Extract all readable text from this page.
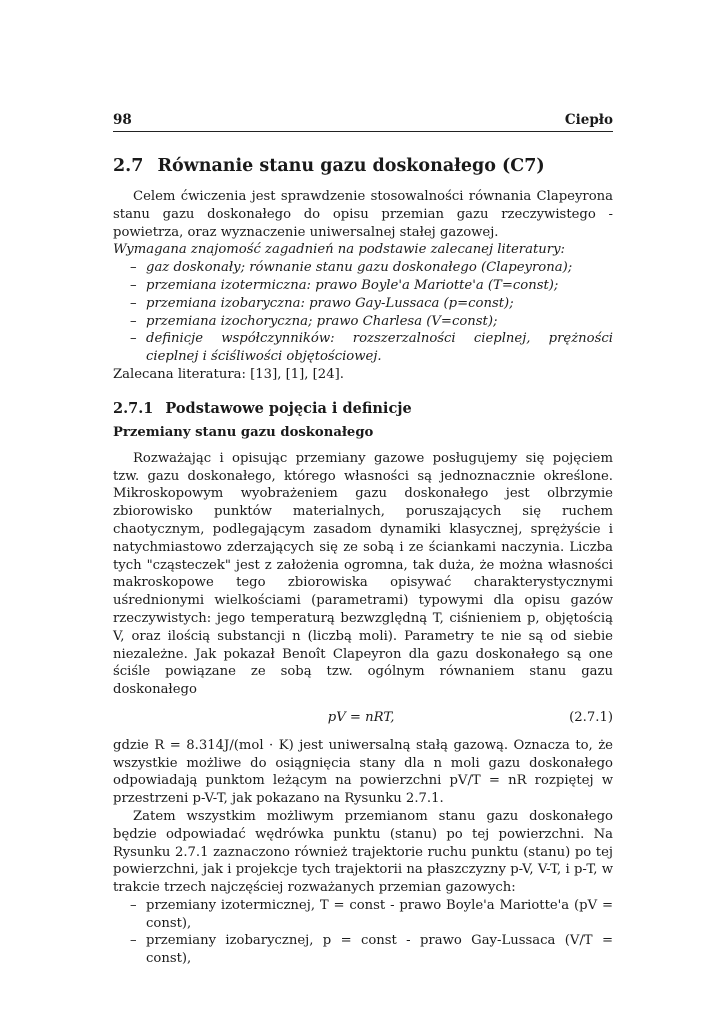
98	Ciepło
2.7 Równanie stanu gazu doskonałego (C7)

Celem ćwiczenia jest sprawdzenie stosowalności równania Clapeyrona stanu gazu doskonałego do opisu przemian gazu rzeczywistego - powietrza, oraz wyznaczenie uniwersalnej stałej gazowej.

Wymagana znajomość zagadnień na podstawie zalecanej literatury:

– gaz doskonały; równanie stanu gazu doskonałego (Clapeyrona);
– przemiana izotermiczna: prawo Boyle'a Mariotte'a (T=const);
– przemiana izobaryczna: prawo Gay-Lussaca (p=const);
– przemiana izochoryczna; prawo Charlesa (V=const);
– definicje współczynników: rozszerzalności cieplnej, prężności cieplnej i ściśliwości objętościowej.

Zalecana literatura: [13], [1], [24].

2.7.1 Podstawowe pojęcia i definicje
Przemiany stanu gazu doskonałego

Rozważając i opisując przemiany gazowe posługujemy się pojęciem tzw. gazu doskonałego, którego własności są jednoznacznie określone. Mikroskopowym wyobrażeniem gazu doskonałego jest olbrzymie zbiorowisko punktów materialnych, poruszających się ruchem chaotycznym, podlegającym zasadom dynamiki klasycznej, sprężyście i natychmiastowo zderzających się ze sobą i ze ściankami naczynia. Liczba tych "cząsteczek" jest z założenia ogromna, tak duża, że można własności makroskopowe tego zbiorowiska opisywać charakterystycznymi uśrednionymi wielkościami (parametrami) typowymi dla opisu gazów rzeczywistych: jego temperaturą bezwzględną T, ciśnieniem p, objętością V, oraz ilością substancji n (liczbą moli). Parametry te nie są od siebie niezależne. Jak pokazał Benoît Clapeyron dla gazu doskonałego są one ściśle powiązane ze sobą tzw. ogólnym równaniem stanu gazu doskonałego

pV = nRT,	(2.7.1)

gdzie R = 8.314J/(mol · K) jest uniwersalną stałą gazową. Oznacza to, że wszystkie możliwe do osiągnięcia stany dla n moli gazu doskonałego odpowiadają punktom leżącym na powierzchni pV/T = nR rozpiętej w przestrzeni p-V-T, jak pokazano na Rysunku 2.7.1.

Zatem wszystkim możliwym przemianom stanu gazu doskonałego będzie odpowiadać wędrówka punktu (stanu) po tej powierzchni. Na Rysunku 2.7.1 zaznaczono również trajektorie ruchu punktu (stanu) po tej powierzchni, jak i projekcje tych trajektorii na płaszczyzny p-V, V-T, i p-T, w trakcie trzech najczęściej rozważanych przemian gazowych:

– przemiany izotermicznej, T = const - prawo Boyle'a Mariotte'a (pV = const),
– przemiany izobarycznej, p = const - prawo Gay-Lussaca (V/T = const),
